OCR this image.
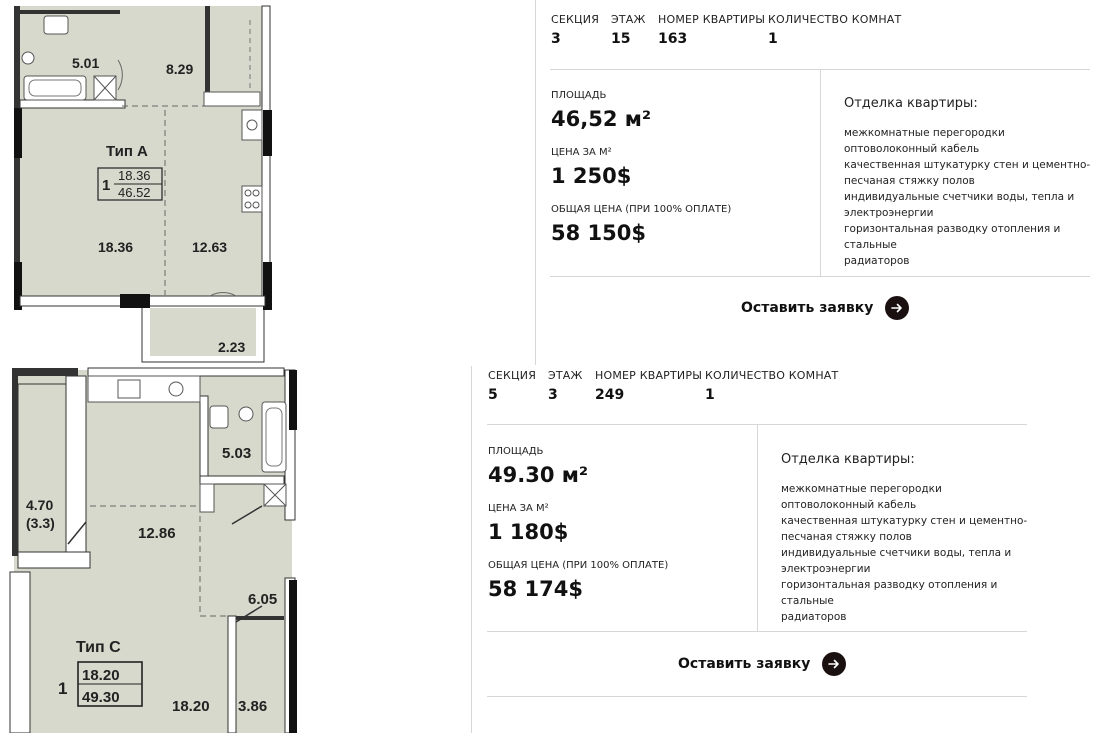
5.01	8.29
Тип А
1
18.36
46.52
18.36	12.63
2.23
4.70
(3.3)
12.86
5.03
6.05
Тип С
1
18.20
49.30
18.20 3.86
СЕКЦИЯ
3
ЭТАЖ
15
НОМЕР КВАРТИРЫ
163
КОЛИЧЕСТВО КОМНАТ
1
ПЛОЩАДЬ
46,52 м²
ЦЕНА ЗА М²
1 250$
ОБЩАЯ ЦЕНА (ПРИ 100% ОПЛАТЕ)
58 150$
Отделка квартиры:
межкомнатные перегородки
оптоволоконный кабель
качественная штукатурку стен и цементно-
песчаная стяжку полов
индивидуальные счетчики воды, тепла и
электроэнергии
горизонтальная разводку отопления и стальные
радиаторов
Оставить заявку
СЕКЦИЯ
5
ЭТАЖ
3
НОМЕР КВАРТИРЫ
249
КОЛИЧЕСТВО КОМНАТ
1
ПЛОЩАДЬ
49.30 м²
ЦЕНА ЗА М²
1 180$
ОБЩАЯ ЦЕНА (ПРИ 100% ОПЛАТЕ)
58 174$
Отделка квартиры:
межкомнатные перегородки
оптоволоконный кабель
качественная штукатурку стен и цементно-
песчаная стяжку полов
индивидуальные счетчики воды, тепла и
электроэнергии
горизонтальная разводку отопления и стальные
радиаторов
Оставить заявку
